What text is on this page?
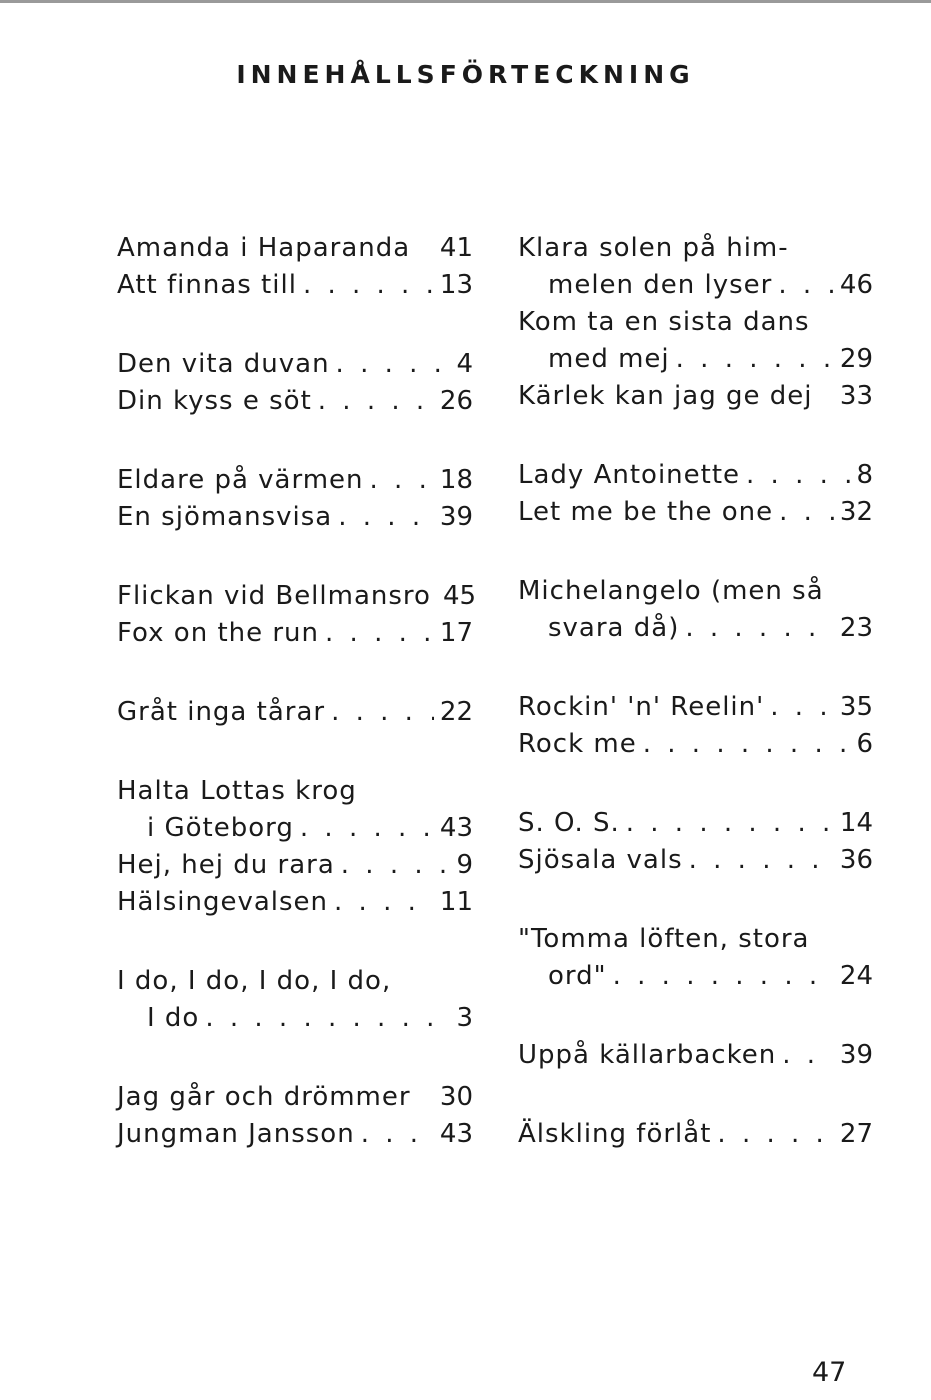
INNEHÅLLSFÖRTECKNING
Amanda i Haparanda 41
Att finnas till . . .	13
Den vita duvan . . .	4
Din kyss e söt . . .	26
Eldare på värmen . . .	18
En sjömansvisa . . .	39
Flickan vid Bellmansro 45
Fox on the run . . .	17
Gråt inga tårar . . .	22
Halta Lottas krog
i Göteborg . . .	43
Hej, hej du rara . . .	9
Hälsingevalsen . . .	11
I do, I do, I do, I do,
I do . . .	3
Jag går och drömmer 30
Jungman Jansson . . .	43
Klara solen på him-
melen den lyser . . .	46
Kom ta en sista dans
med mej . . .	29
Kärlek kan jag ge dej 33
Lady Antoinette . . .	8
Let me be the one . . .	32
Michelangelo (men så
svara då) . . .	23
Rockin' 'n' Reelin' . . .	35
Rock me . . .	6
S. O. S. . . .	14
Sjösala vals . . .	36
"Tomma löften, stora
ord" . . .	24
Uppå källarbacken . . . 39
Älskling förlåt . . .	27
47
